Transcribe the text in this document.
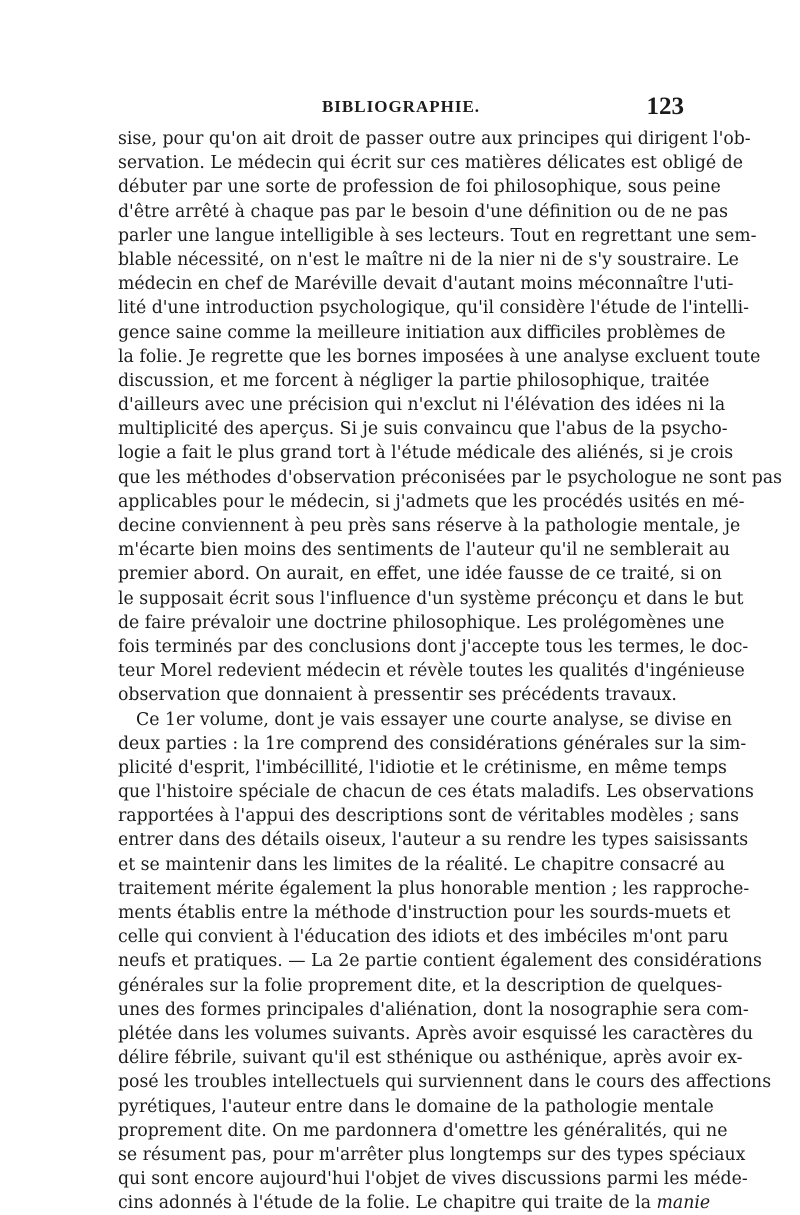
BIBLIOGRAPHIE.	123
sise, pour qu'on ait droit de passer outre aux principes qui dirigent l'ob-
servation. Le médecin qui écrit sur ces matières délicates est obligé de
débuter par une sorte de profession de foi philosophique, sous peine
d'être arrêté à chaque pas par le besoin d'une définition ou de ne pas
parler une langue intelligible à ses lecteurs. Tout en regrettant une sem-
blable nécessité, on n'est le maître ni de la nier ni de s'y soustraire. Le
médecin en chef de Maréville devait d'autant moins méconnaître l'uti-
lité d'une introduction psychologique, qu'il considère l'étude de l'intelli-
gence saine comme la meilleure initiation aux difficiles problèmes de
la folie. Je regrette que les bornes imposées à une analyse excluent toute
discussion, et me forcent à négliger la partie philosophique, traitée
d'ailleurs avec une précision qui n'exclut ni l'élévation des idées ni la
multiplicité des aperçus. Si je suis convaincu que l'abus de la psycho-
logie a fait le plus grand tort à l'étude médicale des aliénés, si je crois
que les méthodes d'observation préconisées par le psychologue ne sont pas
applicables pour le médecin, si j'admets que les procédés usités en mé-
decine conviennent à peu près sans réserve à la pathologie mentale, je
m'écarte bien moins des sentiments de l'auteur qu'il ne semblerait au
premier abord. On aurait, en effet, une idée fausse de ce traité, si on
le supposait écrit sous l'influence d'un système préconçu et dans le but
de faire prévaloir une doctrine philosophique. Les prolégomènes une
fois terminés par des conclusions dont j'accepte tous les termes, le doc-
teur Morel redevient médecin et révèle toutes les qualités d'ingénieuse
observation que donnaient à pressentir ses précédents travaux.
Ce 1er volume, dont je vais essayer une courte analyse, se divise en
deux parties : la 1re comprend des considérations générales sur la sim-
plicité d'esprit, l'imbécillité, l'idiotie et le crétinisme, en même temps
que l'histoire spéciale de chacun de ces états maladifs. Les observations
rapportées à l'appui des descriptions sont de véritables modèles ; sans
entrer dans des détails oiseux, l'auteur a su rendre les types saisissants
et se maintenir dans les limites de la réalité. Le chapitre consacré au
traitement mérite également la plus honorable mention ; les rapproche-
ments établis entre la méthode d'instruction pour les sourds-muets et
celle qui convient à l'éducation des idiots et des imbéciles m'ont paru
neufs et pratiques. — La 2e partie contient également des considérations
générales sur la folie proprement dite, et la description de quelques-
unes des formes principales d'aliénation, dont la nosographie sera com-
plétée dans les volumes suivants. Après avoir esquissé les caractères du
délire fébrile, suivant qu'il est sthénique ou asthénique, après avoir ex-
posé les troubles intellectuels qui surviennent dans le cours des affections
pyrétiques, l'auteur entre dans le domaine de la pathologie mentale
proprement dite. On me pardonnera d'omettre les généralités, qui ne
se résument pas, pour m'arrêter plus longtemps sur des types spéciaux
qui sont encore aujourd'hui l'objet de vives discussions parmi les méde-
cins adonnés à l'étude de la folie. Le chapitre qui traite de la manie
